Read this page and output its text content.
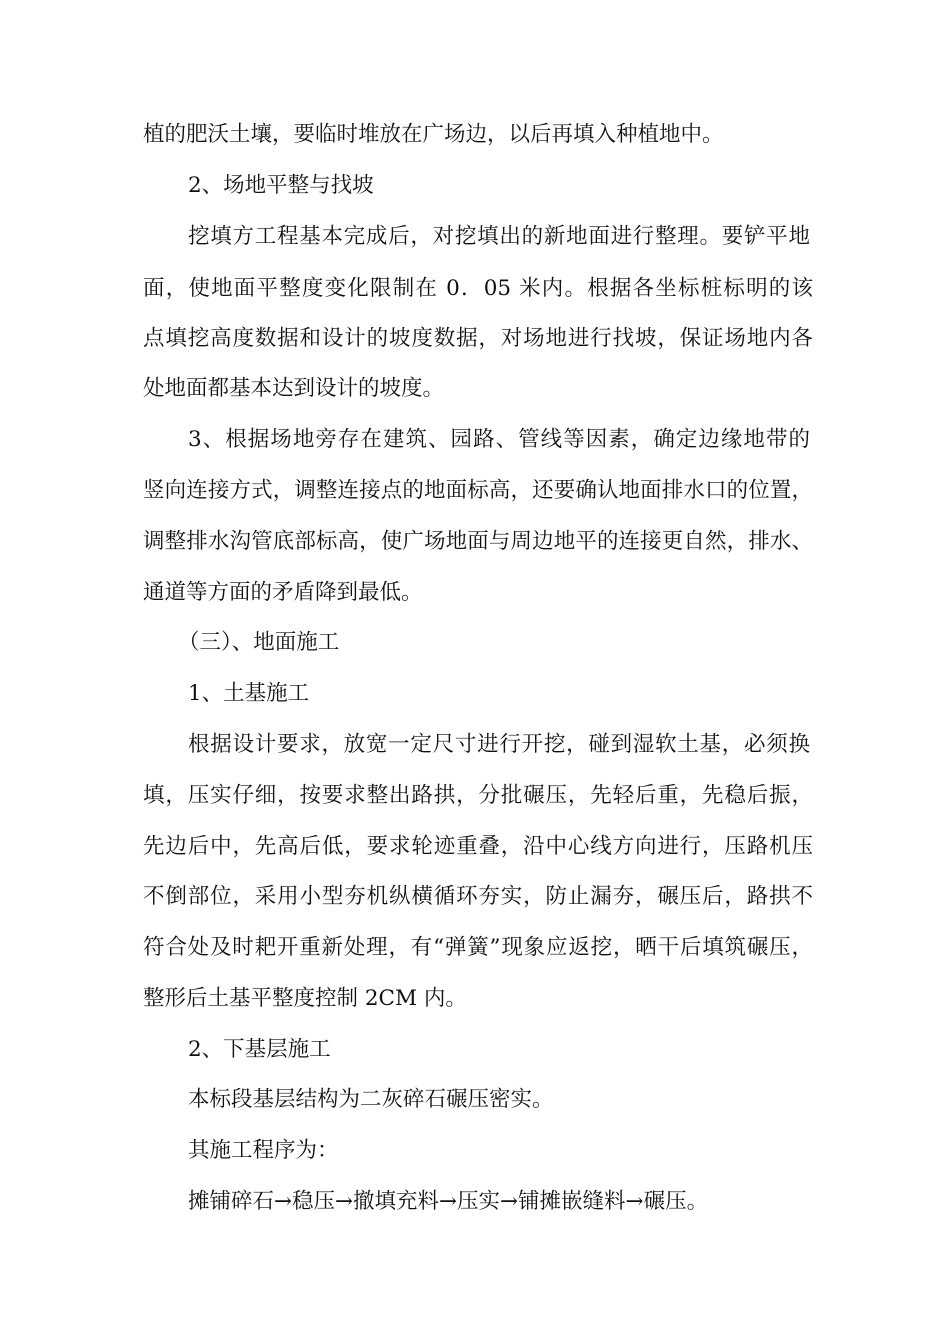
植的肥沃土壤，要临时堆放在广场边，以后再填入种植地中。
2、场地平整与找坡
挖填方工程基本完成后，对挖填出的新地面进行整理。要铲平地
面，使地面平整度变化限制在 0．05 米内。根据各坐标桩标明的该
点填挖高度数据和设计的坡度数据，对场地进行找坡，保证场地内各
处地面都基本达到设计的坡度。
3、根据场地旁存在建筑、园路、管线等因素，确定边缘地带的
竖向连接方式，调整连接点的地面标高，还要确认地面排水口的位置，
调整排水沟管底部标高，使广场地面与周边地平的连接更自然，排水、
通道等方面的矛盾降到最低。
（三）、地面施工
1、土基施工
根据设计要求，放宽一定尺寸进行开挖，碰到湿软土基，必须换
填，压实仔细，按要求整出路拱，分批碾压，先轻后重，先稳后振，
先边后中，先高后低，要求轮迹重叠，沿中心线方向进行，压路机压
不倒部位，采用小型夯机纵横循环夯实，防止漏夯，碾压后，路拱不
符合处及时耙开重新处理，有“弹簧”现象应返挖，晒干后填筑碾压，
整形后土基平整度控制 2CM 内。
2、下基层施工
本标段基层结构为二灰碎石碾压密实。
其施工程序为：
摊铺碎石→稳压→撤填充料→压实→铺摊嵌缝料→碾压。
